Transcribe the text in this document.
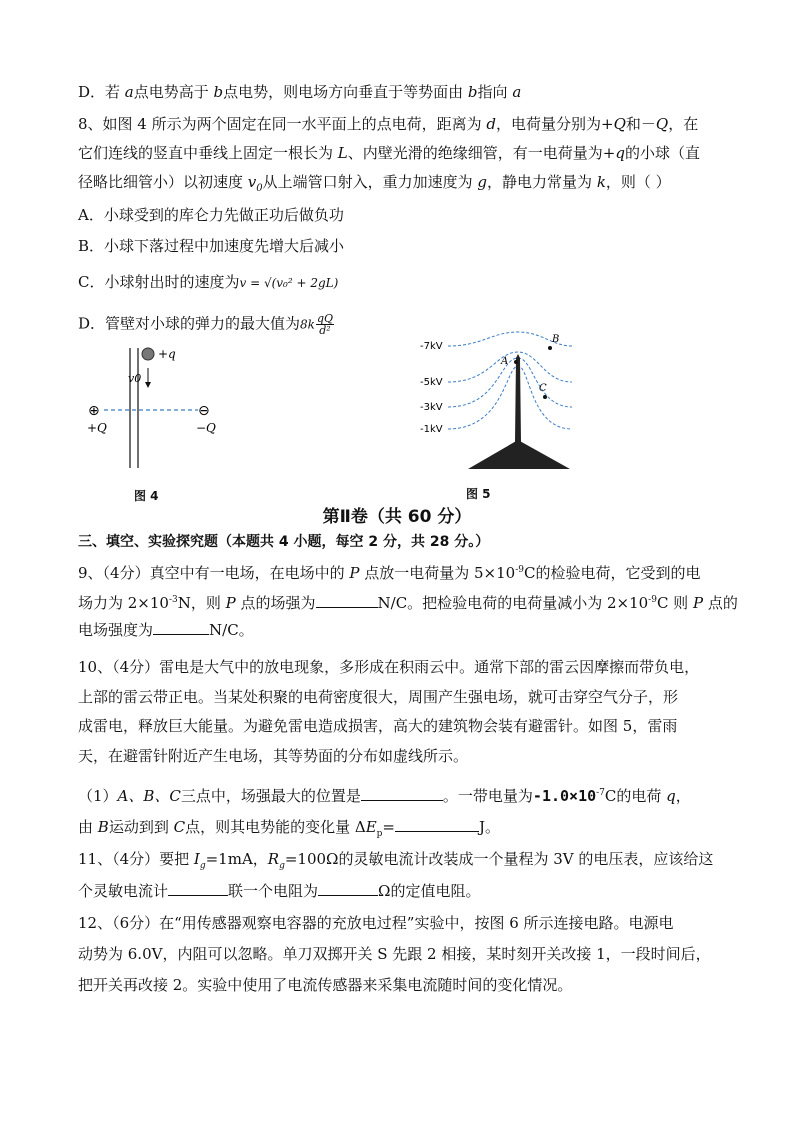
D．若 a点电势高于 b点电势，则电场方向垂直于等势面由 b指向 a
8、如图 4 所示为两个固定在同一水平面上的点电荷，距离为 d，电荷量分别为+Q和－Q，在
它们连线的竖直中垂线上固定一根长为 L、内壁光滑的绝缘细管，有一电荷量为+q的小球（直
径略比细管小）以初速度 $v_0$从上端管口射入，重力加速度为 g，静电力常量为 k，则（ ）
A．小球受到的库仑力先做正功后做负功
B．小球下落过程中加速度先增大后减小
C．小球射出时的速度为v = √(v₀² + 2gL)
D．管壁对小球的弹力的最大值为$8k \frac{qQ}{\text{d²}}$
+q
v0
⊕
+Q
⊖
−Q
图 4
-7kV
-5kV
-3kV
-1kV
A
B
C
图 5
第Ⅱ卷（共 60 分）
三、填空、实验探究题（本题共 4 小题，每空 2 分，共 28 分。）
9、（4分）真空中有一电场，在电场中的 P 点放一电荷量为 $5\times 10^{-9}C$的检验电荷，它受到的电
场力为 $2\times 10^{-3}N$，则 P 点的场强为	N/C。把检验电荷的电荷量减小为 $2\times 10^{-9}C$ 则 P 点的
电场强度为	N/C。
10、（4分）雷电是大气中的放电现象，多形成在积雨云中。通常下部的雷云因摩擦而带负电，
上部的雷云带正电。当某处积聚的电荷密度很大，周围产生强电场，就可击穿空气分子，形
成雷电，释放巨大能量。为避免雷电造成损害，高大的建筑物会装有避雷针。如图 5，雷雨
天，在避雷针附近产生电场，其等势面的分布如虚线所示。
（1）A、B、C三点中，场强最大的位置是	。一带电量为$-1.0\times 10^{-7}C$的电荷 q，
由 B运动到到 C点，则其电势能的变化量 $\Delta E_p=$	J。
11、（4分）要把 $I_g=1mA$，$R_g=100\Omega$的灵敏电流计改装成一个量程为 3V 的电压表，应该给这
个灵敏电流计	联一个电阻为	Ω的定值电阻。
12、（6分）在“用传感器观察电容器的充放电过程”实验中，按图 6 所示连接电路。电源电
动势为 6.0V，内阻可以忽略。单刀双掷开关 S 先跟 2 相接，某时刻开关改接 1，一段时间后，
把开关再改接 2。实验中使用了电流传感器来采集电流随时间的变化情况。
